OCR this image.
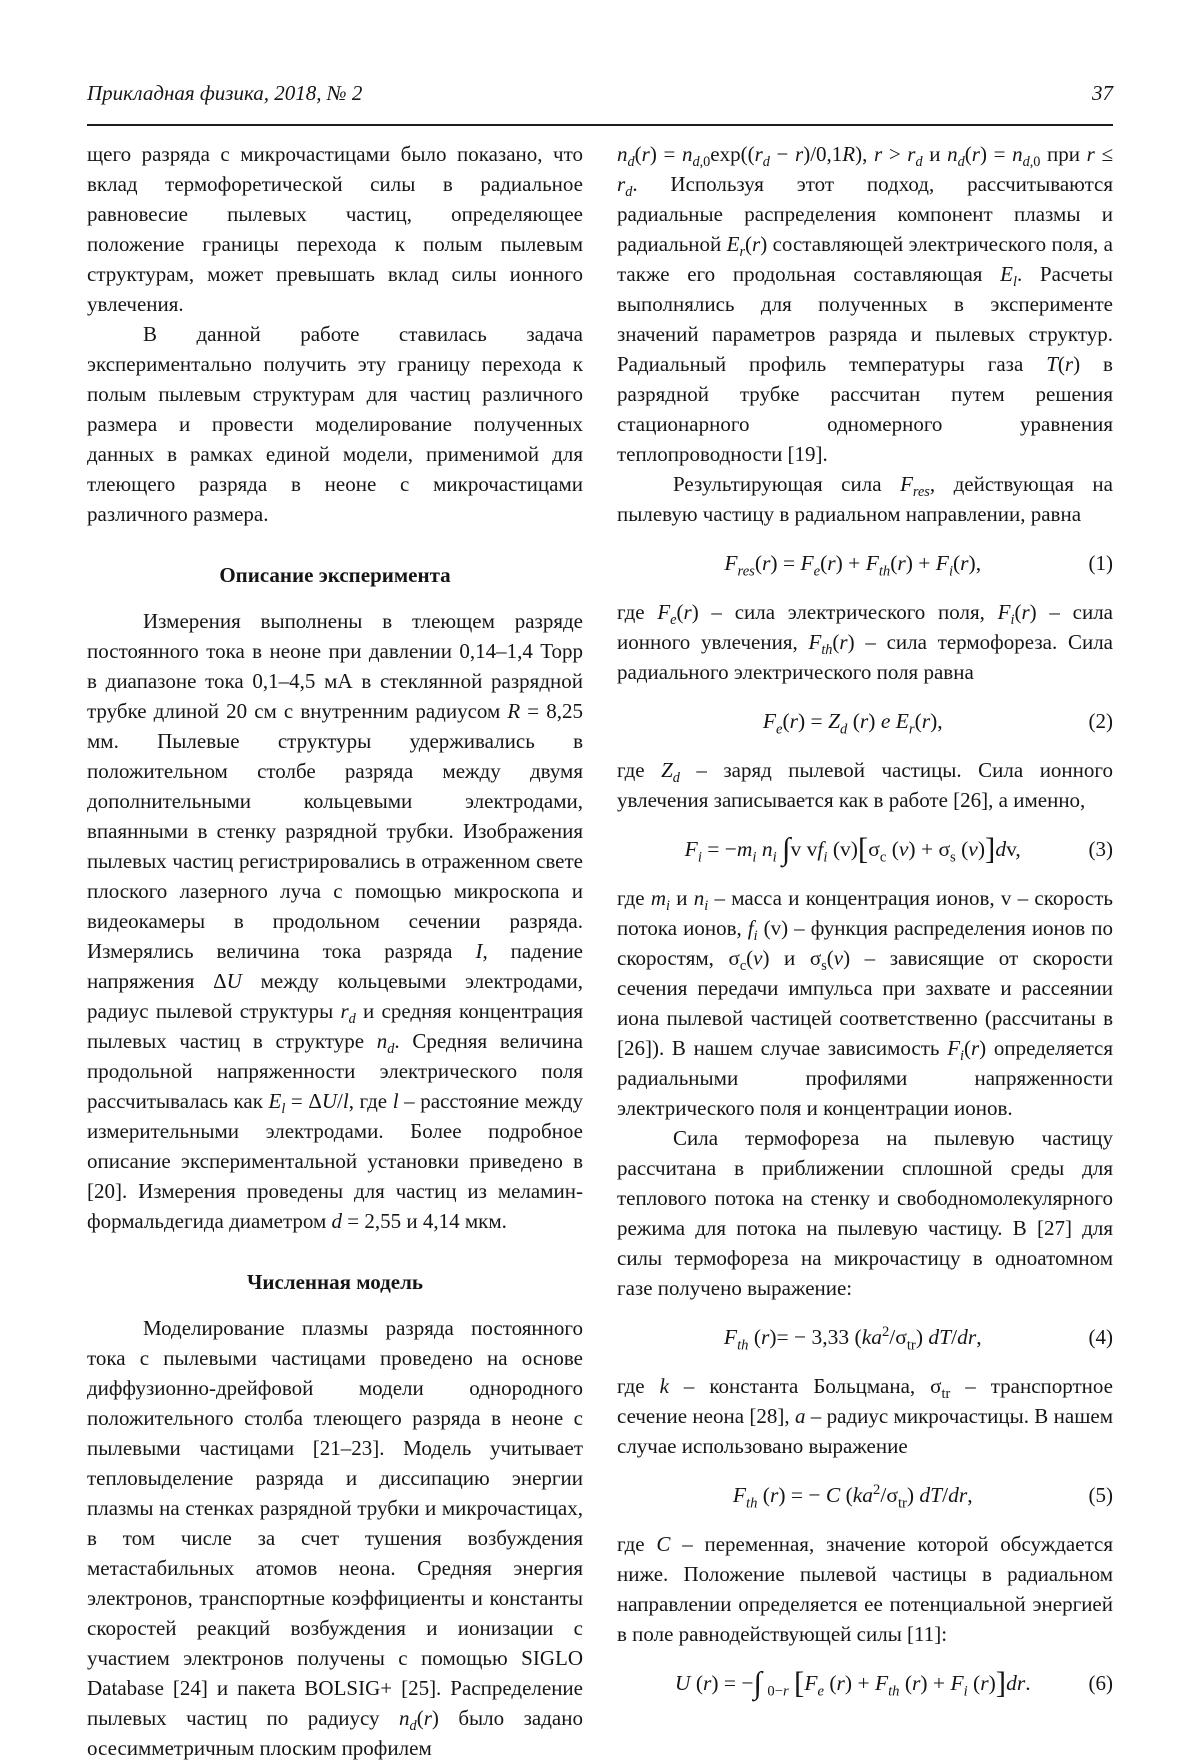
Прикладная физика, 2018, № 2	37

щего разряда с микрочастицами было показано, что вклад термофоретической силы в радиальное равновесие пылевых частиц, определяющее положение границы перехода к полым пылевым структурам, может превышать вклад силы ионного увлечения.

В данной работе ставилась задача экспериментально получить эту границу перехода к полым пылевым структурам для частиц различного размера и провести моделирование полученных данных в рамках единой модели, применимой для тлеющего разряда в неоне с микрочастицами различного размера.

Описание эксперимента

Измерения выполнены в тлеющем разряде постоянного тока в неоне при давлении 0,14–1,4 Торр в диапазоне тока 0,1–4,5 мА в стеклянной разрядной трубке длиной 20 см с внутренним радиусом R = 8,25 мм. Пылевые структуры удерживались в положительном столбе разряда между двумя дополнительными кольцевыми электродами, впаянными в стенку разрядной трубки. Изображения пылевых частиц регистрировались в отраженном свете плоского лазерного луча с помощью микроскопа и видеокамеры в продольном сечении разряда. Измерялись величина тока разряда I, падение напряжения ΔU между кольцевыми электродами, радиус пылевой структуры $r_d$ и средняя концентрация пылевых частиц в структуре $n_d$. Средняя величина продольной напряженности электрического поля рассчитывалась как $E_l = \Delta U/l$, где l – расстояние между измерительными электродами. Более подробное описание экспериментальной установки приведено в [20]. Измерения проведены для частиц из меламин-формальдегида диаметром d = 2,55 и 4,14 мкм.

Численная модель

Моделирование плазмы разряда постоянного тока с пылевыми частицами проведено на основе диффузионно-дрейфовой модели однородного положительного столба тлеющего разряда в неоне с пылевыми частицами [21–23]. Модель учитывает тепловыделение разряда и диссипацию энергии плазмы на стенках разрядной трубки и микрочастицах, в том числе за счет тушения возбуждения метастабильных атомов неона. Средняя энергия электронов, транспортные коэффициенты и константы скоростей реакций возбуждения и ионизации с участием электронов получены с помощью SIGLO Database [24] и пакета BOLSIG+ [25]. Распределение пылевых частиц по радиусу $n_d(r)$ было задано осесимметричным плоским профилем

$n_d(r) = n_{d,0}\exp((r_d - r)/0,1R)$, $r > r_d$ и $n_d(r) = n_{d,0}$ при $r \le r_d$. Используя этот подход, рассчитываются радиальные распределения компонент плазмы и радиальной $E_r(r)$ составляющей электрического поля, а также его продольная составляющая $E_l$. Расчеты выполнялись для полученных в эксперименте значений параметров разряда и пылевых структур. Радиальный профиль температуры газа T(r) в разрядной трубке рассчитан путем решения стационарного одномерного уравнения теплопроводности [19].

Результирующая сила $F_{res}$, действующая на пылевую частицу в радиальном направлении, равна

$F_{res}(r) = F_e(r) + F_{th}(r) + F_i(r)$,	(1)

где $F_e(r)$ – сила электрического поля, $F_i(r)$ – сила ионного увлечения, $F_{th}(r)$ – сила термофореза. Сила радиального электрического поля равна

$F_e(r) = Z_d$ (r) e $E_r(r)$,	(2)

где $Z_d$ – заряд пылевой частицы. Сила ионного увлечения записывается как в работе [26], а именно,

$F_i = -m_i$ $n_i$ ∫v $vf_i$ $(v)[\sigma_c$ $(v) + \sigma_s$ (v)]dv,	(3)

где $m_i$ и $n_i$ – масса и концентрация ионов, v – скорость потока ионов, $f_i$ (v) – функция распределения ионов по скоростям, $\sigma_c(v)$ и $\sigma_s(v)$ – зависящие от скорости сечения передачи импульса при захвате и рассеянии иона пылевой частицей соответственно (рассчитаны в [26]). В нашем случае зависимость $F_i(r)$ определяется радиальными профилями напряженности электрического поля и концентрации ионов.

Сила термофореза на пылевую частицу рассчитана в приближении сплошной среды для теплового потока на стенку и свободномолекулярного режима для потока на пылевую частицу. В [27] для силы термофореза на микрочастицу в одноатомном газе получено выражение:

$F_{th}$ (r)= − 3,33 $(ka^2/\sigma_{tr})$ dT/dr,	(4)

где k – константа Больцмана, $\sigma_{tr}$ – транспортное сечение неона [28], a – радиус микрочастицы. В нашем случае использовано выражение

$F_{th}$ (r) = − C $(ka^2/\sigma_{tr})$ dT/dr,	(5)

где C – переменная, значение которой обсуждается ниже. Положение пылевой частицы в радиальном направлении определяется ее потенциальной энергией в поле равнодействующей силы [11]:

U (r) = −∫ $_{0-r}$ [$F_e$ $(r) + F_{th}$ $(r) + F_i$ (r)]dr.	(6)
